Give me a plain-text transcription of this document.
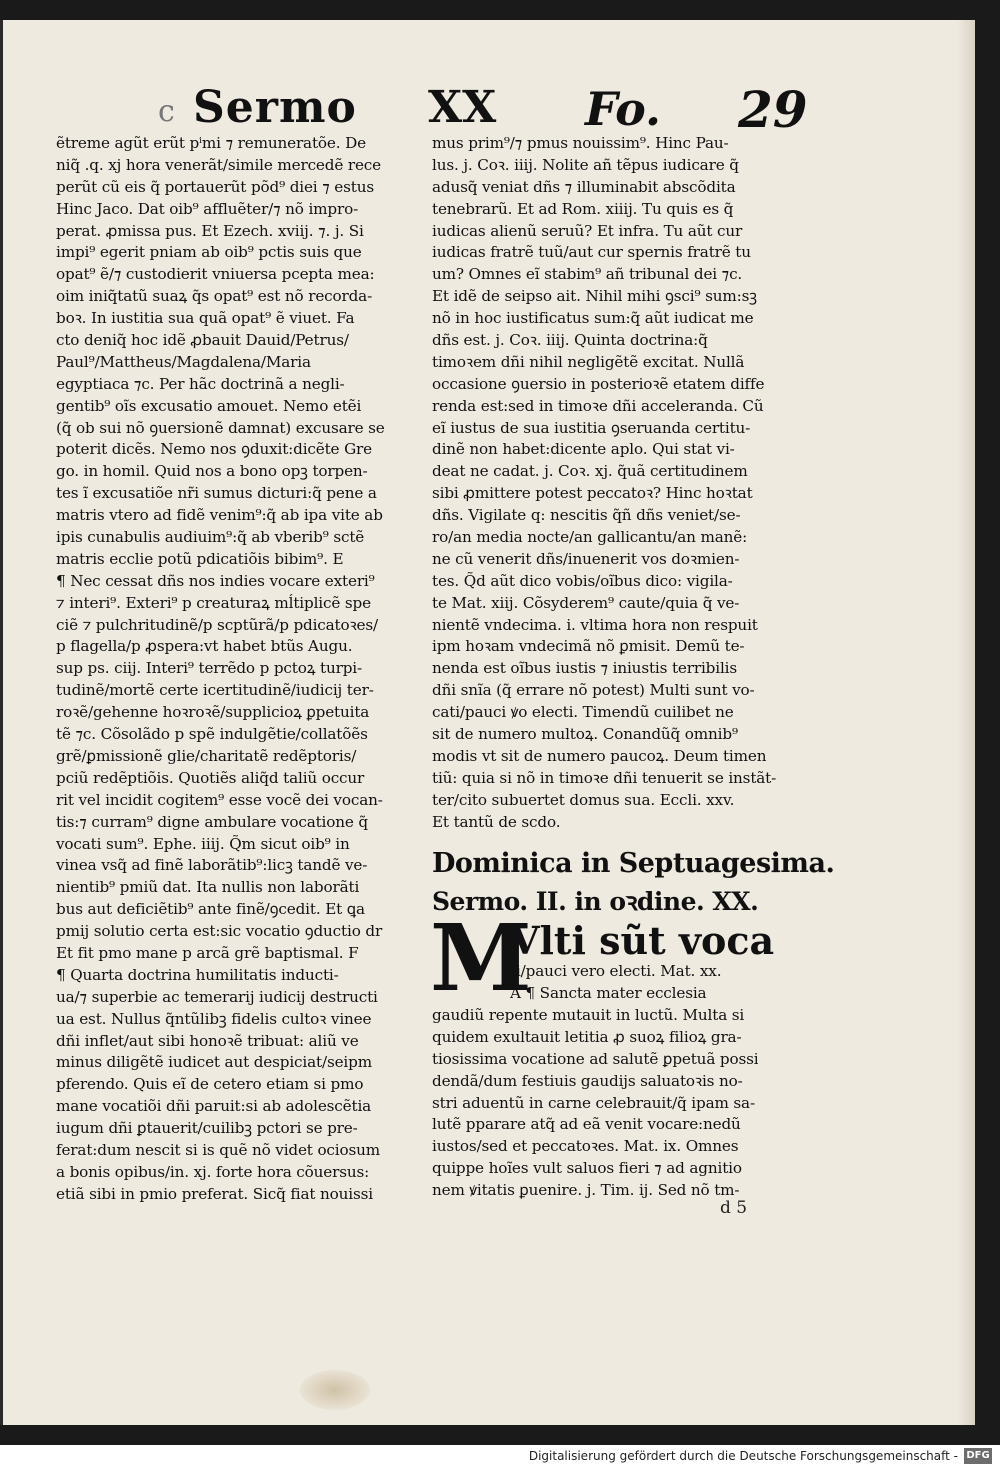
c Sermo XX Fo. 29
ẽtreme agũt erũt pⁱmi ⁊ remuneratõe. De
niq̃ .q. xj hora venerãt/simile mercedẽ rece
perũt cũ eis q̃ portauerũt põd⁹ diei ⁊ estus
Hinc Jaco. Dat oib⁹ affluẽter/⁊ nõ impro-
perat. ꝓmissa pus. Et Ezech. xviij. ⁊. j. Si
impi⁹ egerit pniam ab oib⁹ pctis suis que
opat⁹ ẽ/⁊ custodierit vniuersa pcepta mea:
oim iniq̃tatũ suaꝝ q̃s opat⁹ est nõ recorda-
boꝛ. In iustitia sua quã opat⁹ ẽ viuet. Fa
cto deniq̃ hoc idẽ ꝓbauit Dauid/Petrus/
Paul⁹/Mattheus/Magdalena/Maria
egyptiaca ⁊c. Per hãc doctrinã a negli-
gentib⁹ oĩs excusatio amouet. Nemo etẽi
(q̃ ob sui nõ ꝯuersionẽ damnat) excusare se
poterit dicẽs. Nemo nos ꝯduxit:dicẽte Gre
go. in homil. Quid nos a bono opꝫ torpen-
tes ĩ excusatiõe nr̃i sumus dicturi:q̃ pene a
matris vtero ad fidẽ venim⁹:q̃ ab ipa vite ab
ipis cunabulis audiuim⁹:q̃ ab vberib⁹ sctẽ
matris ecclie potũ pdicatiõis bibim⁹. E
¶ Nec cessat dñs nos indies vocare exteri⁹
⁊ interi⁹. Exteri⁹ p creaturaꝝ mĺtiplicẽ spe
ciẽ ⁊ pulchritudinẽ/p scptũrã/p pdicatoꝛes/
p flagella/p ꝓspera:vt habet btũs Augu.
sup ps. ciij. Interi⁹ terrẽdo p pctoꝝ turpi-
tudinẽ/mortẽ certe icertitudinẽ/iudicij ter-
roꝛẽ/gehenne hoꝛroꝛẽ/supplicioꝝ ꝑpetuita
tẽ ⁊c. Cõsolãdo p spẽ indulgẽtie/collatõẽs
grẽ/ꝑmissionẽ glie/charitatẽ redẽptoris/
pciũ redẽptiõis. Quotiẽs aliq̃d taliũ occur
rit vel incidit cogitem⁹ esse vocẽ dei vocan-
tis:⁊ curram⁹ digne ambulare vocatione q̃
vocati sum⁹. Ephe. iiij. Q̃m sicut oib⁹ in
vinea vsq̃ ad finẽ laborãtib⁹:licꝫ tandẽ ve-
nientib⁹ pmiũ dat. Ita nullis non laborãti
bus aut deficiẽtib⁹ ante finẽ/ꝯcedit. Et ꝗa
pmij solutio certa est:sic vocatio ꝯductio dr
Et fit pmo mane p arcã grẽ baptismal. F
¶ Quarta doctrina humilitatis inducti-
ua/⁊ superbie ac temerarij iudicij destructi
ua est. Nullus q̃ntũlibꝫ fidelis cultoꝛ vinee
dñi inflet/aut sibi honoꝛẽ tribuat: aliũ ve
minus diligẽtẽ iudicet aut despiciat/seipm
pferendo. Quis eĩ de cetero etiam si pmo
mane vocatiõi dñi paruit:si ab adolescẽtia
iugum dñi ꝑtauerit/cuilibꝫ pctori se pre-
ferat:dum nescit si is quẽ nõ videt ociosum
a bonis opibus/in. xj. forte hora cõuersus:
etiã sibi in pmio preferat. Sicq̃ fiat nouissi
mus prim⁹/⁊ pmus nouissim⁹. Hinc Pau-
lus. j. Coꝛ. iiij. Nolite añ tẽpus iudicare q̃
adusq̃ veniat dñs ⁊ illuminabit abscõdita
tenebrarũ. Et ad Rom. xiiij. Tu quis es q̃
iudicas alienũ seruũ? Et infra. Tu aũt cur
iudicas fratrẽ tuũ/aut cur spernis fratrẽ tu
um? Omnes eĩ stabim⁹ añ tribunal dei ⁊c.
Et idẽ de seipso ait. Nihil mihi ꝯsci⁹ sum:sꝫ
nõ in hoc iustificatus sum:q̃ aũt iudicat me
dñs est. j. Coꝛ. iiij. Quinta doctrina:q̃
timoꝛem dñi nihil negligẽtẽ excitat. Nullã
occasione ꝯuersio in posterioꝛẽ etatem diffe
renda est:sed in timoꝛe dñi acceleranda. Cũ
eĩ iustus de sua iustitia ꝯseruanda certitu-
dinẽ non habet:dicente aplo. Qui stat vi-
deat ne cadat. j. Coꝛ. xj. q̃uã certitudinem
sibi ꝓmittere potest peccatoꝛ? Hinc hoꝛtat
dñs. Vigilate q: nescitis q̃ñ dñs veniet/se-
ro/an media nocte/an gallicantu/an manẽ:
ne cũ venerit dñs/inuenerit vos doꝛmien-
tes. Q̃d aũt dico vobis/oĩbus dico: vigila-
te Mat. xiij. Cõsyderem⁹ caute/quia q̃ ve-
nientẽ vndecima. i. vltima hora non respuit
ipm hoꝛam vndecimã nõ ꝑmisit. Demũ te-
nenda est oĩbus iustis ⁊ iniustis terribilis
dñi snĩa (q̃ errare nõ potest) Multi sunt vo-
cati/pauci ꝟo electi. Timendũ cuilibet ne
sit de numero multoꝝ. Conandũq̃ omnib⁹
modis vt sit de numero paucoꝝ. Deum timen
tiũ: quia si nõ in timoꝛe dñi tenuerit se instãt-
ter/cito subuertet domus sua. Eccli. xxv.
Et tantũ de scdo.
Dominica in Septuagesima.
Sermo. II. in oꝛdine. XX.
M
Vlti sũt voca
ti/pauci vero electi. Mat. xx.
A ¶ Sancta mater ecclesia
gaudiũ repente mutauit in luctũ. Multa si
quidem exultauit letitia ꝓ suoꝝ filioꝝ gra-
tiosissima vocatione ad salutẽ ꝑpetuã possi
dendã/dum festiuis gaudijs saluatoꝛis no-
stri aduentũ in carne celebrauit/q̃ ipam sa-
lutẽ pparare atq̃ ad eã venit vocare:nedũ
iustos/sed et peccatoꝛes. Mat. ix. Omnes
quippe hoĩes vult saluos fieri ⁊ ad agnitio
nem ꝟitatis ꝑuenire. j. Tim. ij. Sed nõ tm-
d 5
Digitalisierung gefördert durch die Deutsche Forschungsgemeinschaft - DFG
